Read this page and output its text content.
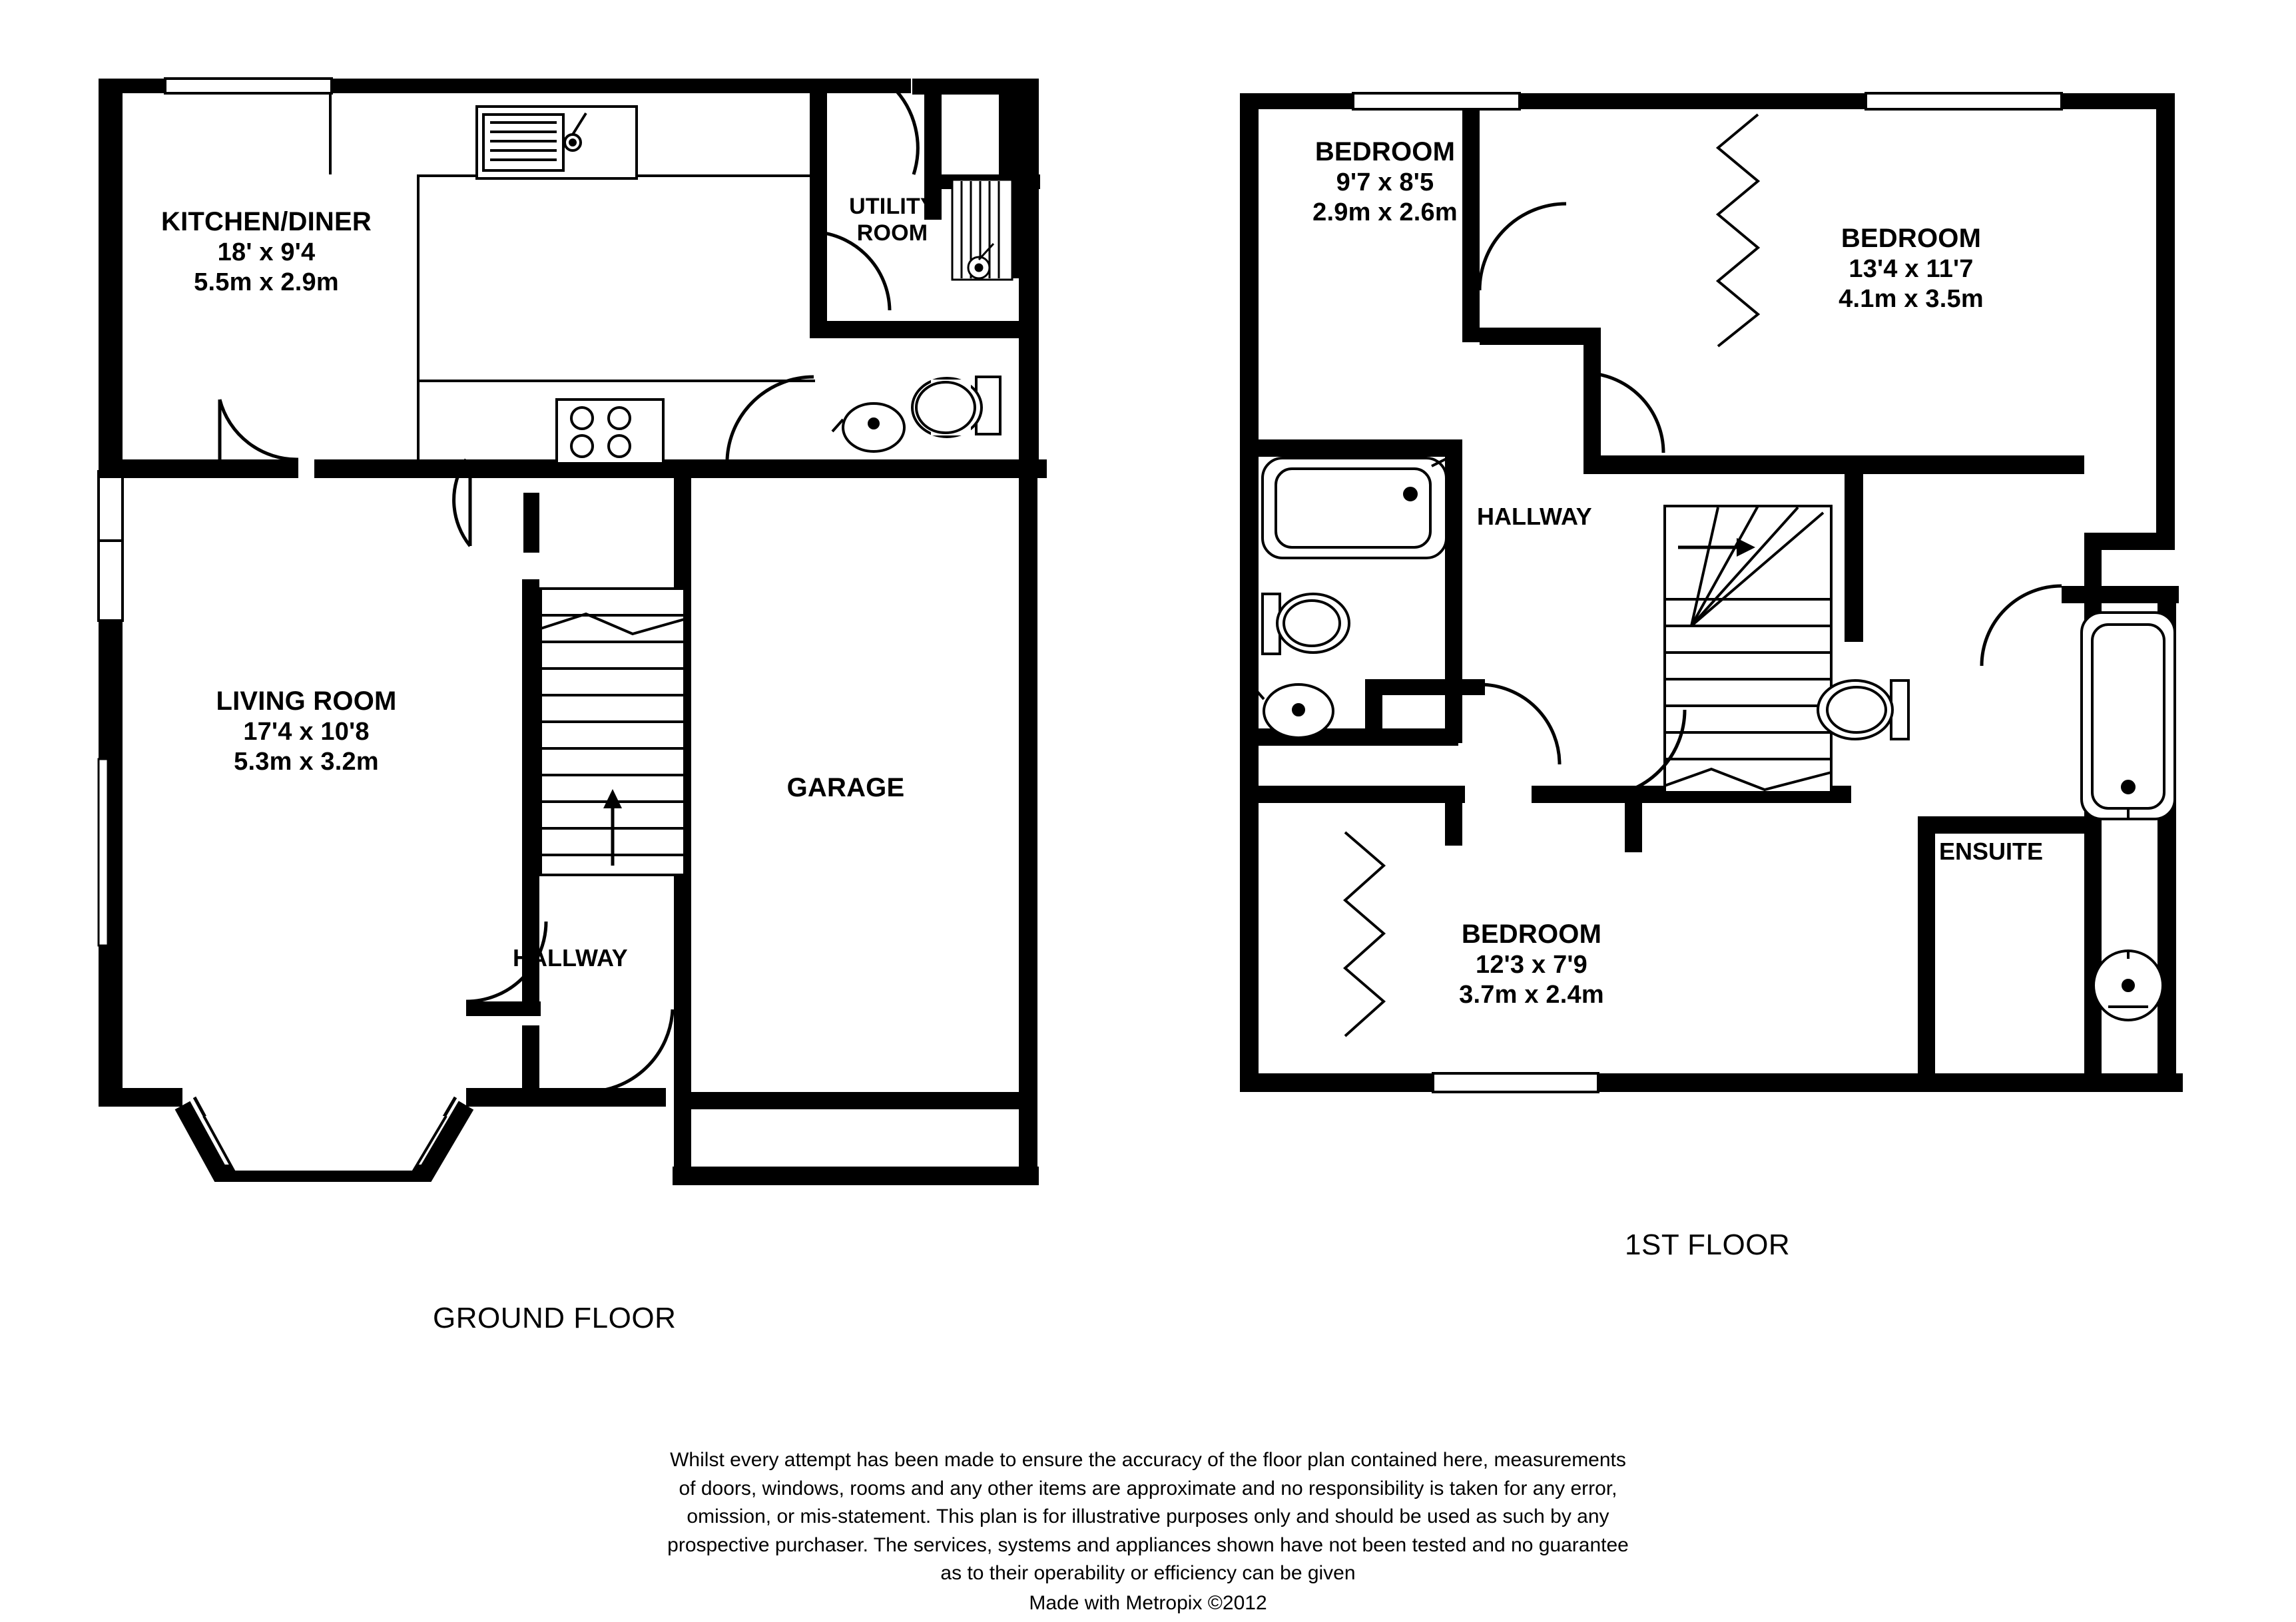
KITCHEN/DINER
18' x 9'4
5.5m x 2.9m
UTILITY
ROOM
LIVING ROOM
17'4 x 10'8
5.3m x 3.2m
GARAGE
HALLWAY
GROUND FLOOR
BEDROOM
9'7 x 8'5
2.9m x 2.6m
BEDROOM
13'4 x 11'7
4.1m x 3.5m
BEDROOM
12'3 x 7'9
3.7m x 2.4m
HALLWAY
ENSUITE
1ST FLOOR
Whilst every attempt has been made to ensure the accuracy of the floor plan contained here, measurements
of doors, windows, rooms and any other items are approximate and no responsibility is taken for any error,
omission, or mis-statement. This plan is for illustrative purposes only and should be used as such by any
prospective purchaser. The services, systems and appliances shown have not been tested and no guarantee
as to their operability or efficiency can be given
Made with Metropix ©2012
